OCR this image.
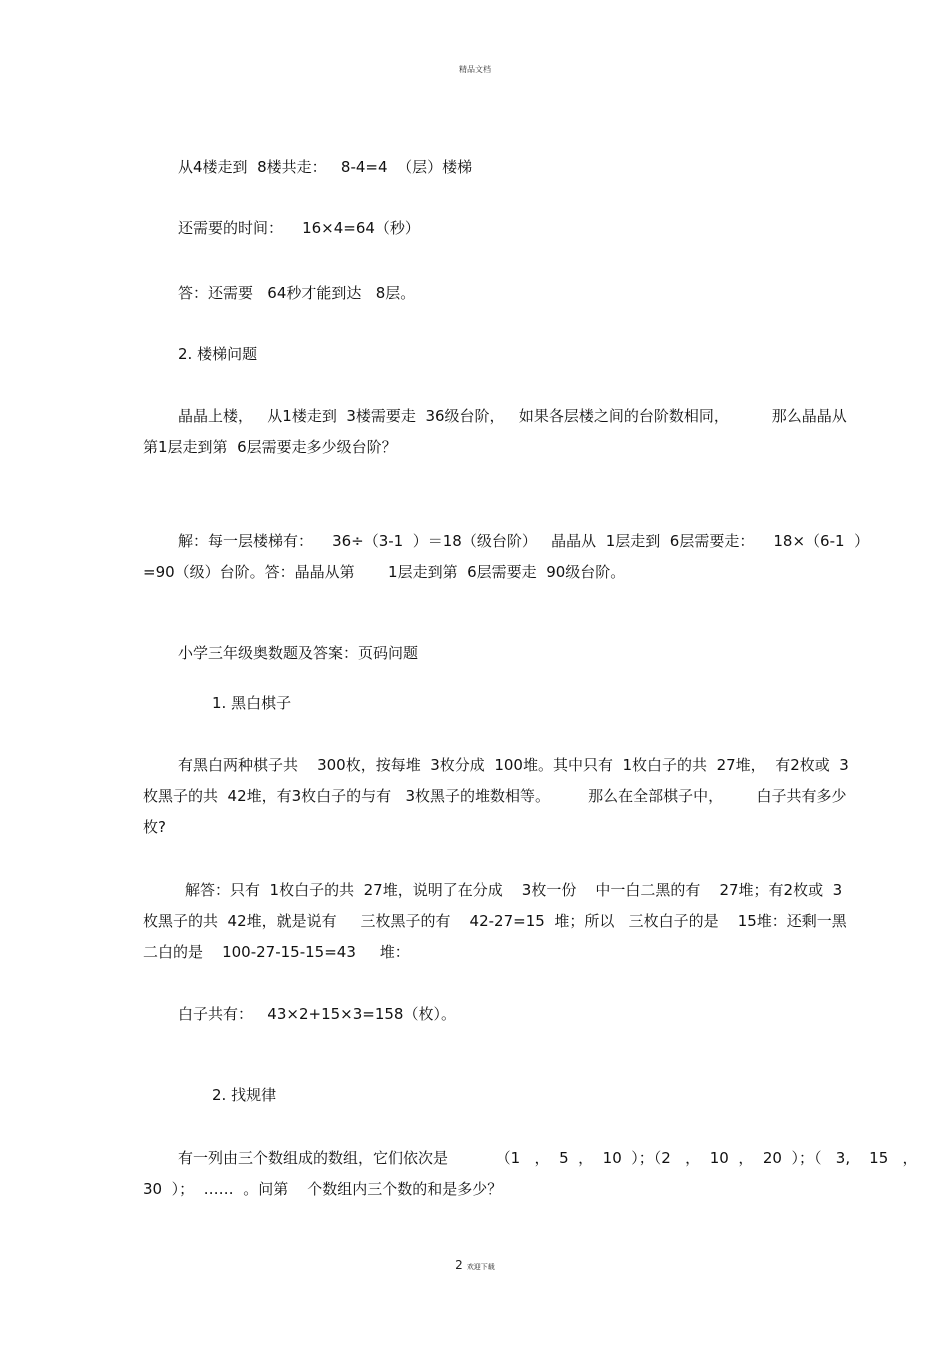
精品文档
从4楼走到  8楼共走：   8-4=4  （层）楼梯
还需要的时间：    16×4=64（秒）
答：还需要   64秒才能到达   8层。
2. 楼梯问题
晶晶上楼，   从1楼走到  3楼需要走  36级台阶，   如果各层楼之间的台阶数相同，         那么晶晶从
第1层走到第  6层需要走多少级台阶？
解：每一层楼梯有：    36÷（3-1  ）＝18（级台阶）   晶晶从  1层走到  6层需要走：    18×（6-1  ）
=90（级）台阶。答：晶晶从第       1层走到第  6层需要走  90级台阶。
小学三年级奥数题及答案：页码问题
1. 黑白棋子
有黑白两种棋子共    300枚，按每堆  3枚分成  100堆。其中只有  1枚白子的共  27堆，  有2枚或  3
枚黑子的共  42堆，有3枚白子的与有   3枚黑子的堆数相等。        那么在全部棋子中，       白子共有多少
枚?
解答：只有  1枚白子的共  27堆，说明了在分成    3枚一份    中一白二黑的有    27堆；有2枚或  3
枚黑子的共  42堆，就是说有     三枚黑子的有    42-27=15  堆；所以   三枚白子的是    15堆：还剩一黑
二白的是    100-27-15-15=43     堆：
白子共有：   43×2+15×3=158（枚）。
2. 找规律
有一列由三个数组成的数组，它们依次是          （1   ，  5  ，  10  ）；（2   ，  10  ，  20  ）；（   3,    15   ，
30  ）；  ……  。问第    个数组内三个数的和是多少？
2 欢迎下载
